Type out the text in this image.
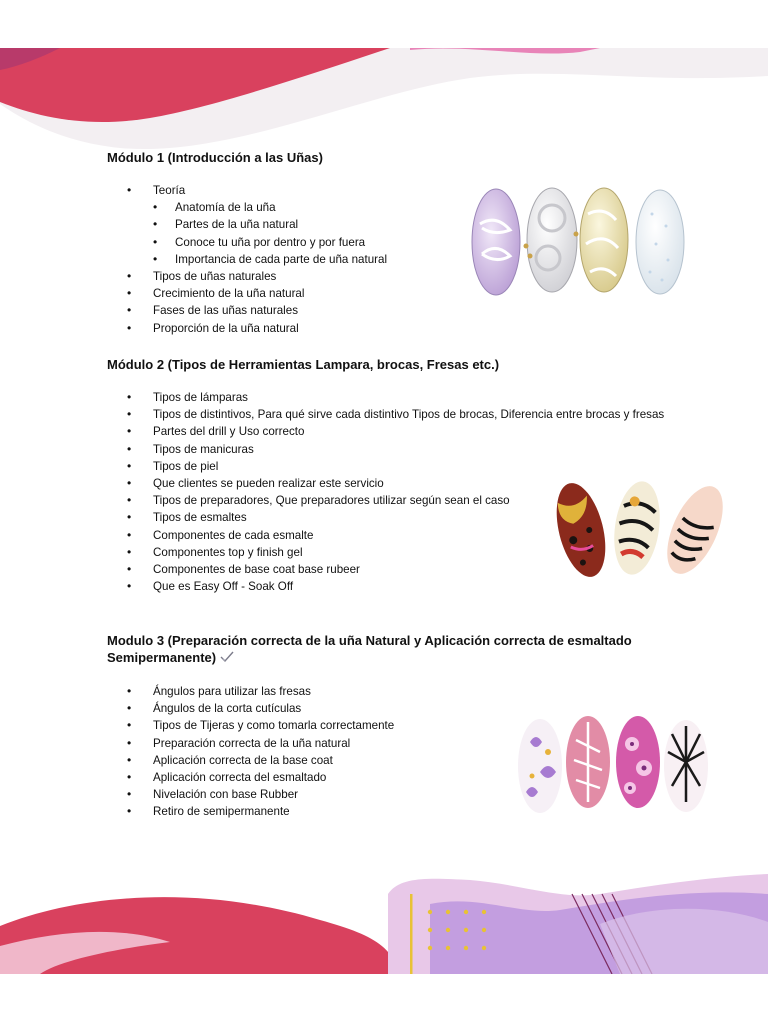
Módulo 1 (Introducción a las Uñas)
• Teoría
• Anatomía de la uña
• Partes de la uña natural
• Conoce tu uña por dentro y por fuera
• Importancia de cada parte de uña natural
• Tipos de uñas naturales
• Crecimiento de la uña natural
• Fases de las uñas naturales
• Proporción de la uña natural
Módulo 2 (Tipos de Herramientas Lampara, brocas, Fresas etc.)
• Tipos de lámparas
• Tipos de distintivos, Para qué sirve cada distintivo Tipos de brocas, Diferencia entre brocas y fresas
• Partes del drill y Uso correcto
• Tipos de manicuras
• Tipos de piel
• Que clientes se pueden realizar este servicio
• Tipos de preparadores, Que preparadores utilizar según sean el caso
• Tipos de esmaltes
• Componentes de cada esmalte
• Componentes top y finish gel
• Componentes de base coat base rubeer
• Que es Easy Off - Soak Off
Modulo 3 (Preparación correcta de la uña Natural y Aplicación correcta de esmaltado
Semipermanente)
• Ángulos para utilizar las fresas
• Ángulos de la corta cutículas
• Tipos de Tijeras y como tomarla correctamente
• Preparación correcta de la uña natural
• Aplicación correcta de la base coat
• Aplicación correcta del esmaltado
• Nivelación con base Rubber
• Retiro de semipermanente
